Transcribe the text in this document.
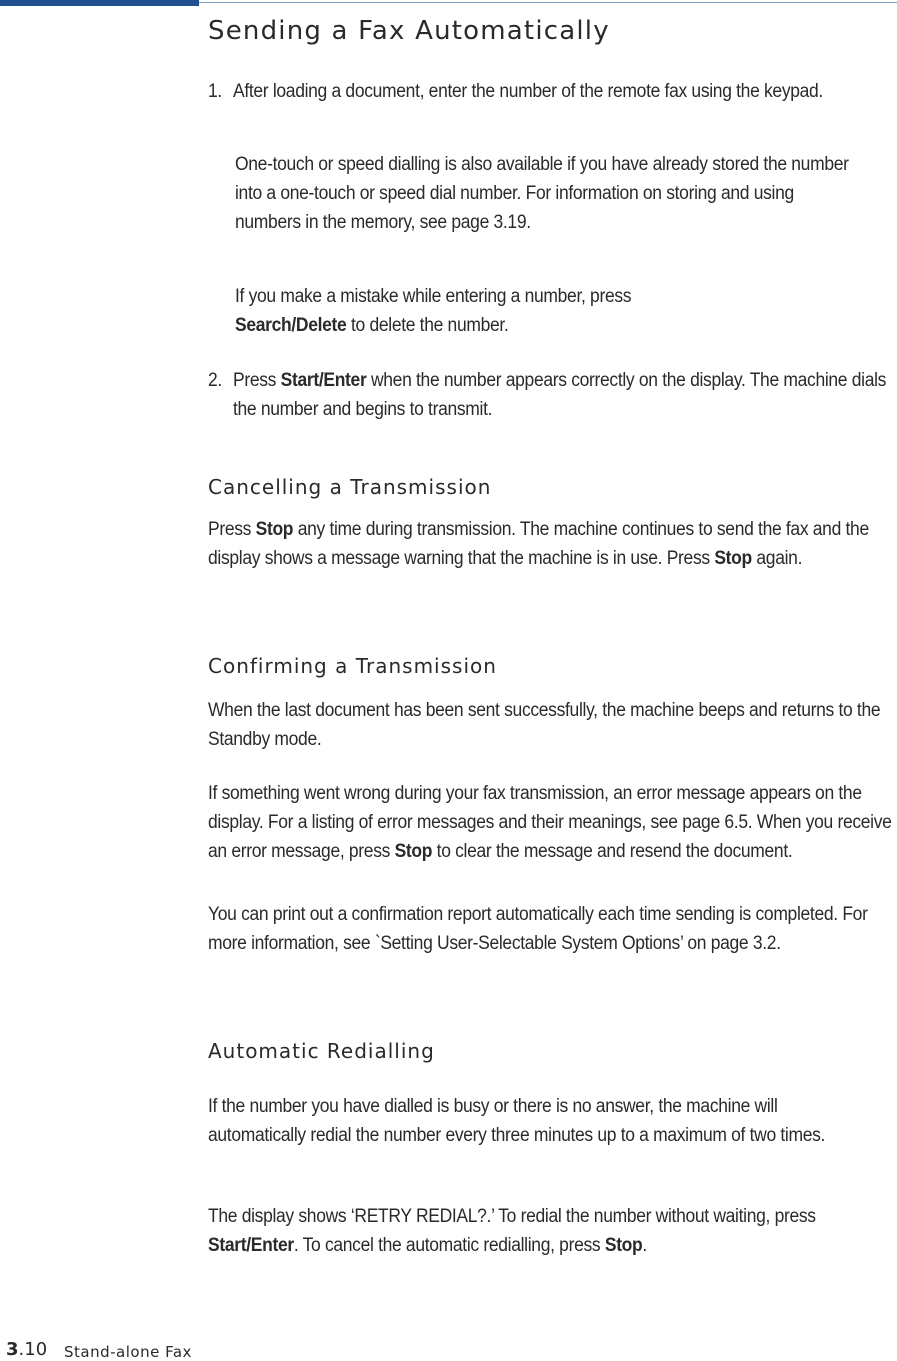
Sending a Fax Automatically
1. After loading a document, enter the number of the remote fax using the keypad.

One-touch or speed dialling is also available if you have already stored the number into a one-touch or speed dial number. For information on storing and using numbers in the memory, see page 3.19.

If you make a mistake while entering a number, press
Search/Delete to delete the number.

2. Press Start/Enter when the number appears correctly on the display. The machine dials the number and begins to transmit.

Cancelling a Transmission

Press Stop any time during transmission. The machine continues to send the fax and the display shows a message warning that the machine is in use. Press Stop again.

Confirming a Transmission

When the last document has been sent successfully, the machine beeps and returns to the Standby mode.

If something went wrong during your fax transmission, an error message appears on the display. For a listing of error messages and their meanings, see page 6.5. When you receive an error message, press Stop to clear the message and resend the document.

You can print out a confirmation report automatically each time sending is completed. For more information, see `Setting User-Selectable System Options’ on page 3.2.

Automatic Redialling

If the number you have dialled is busy or there is no answer, the machine will automatically redial the number every three minutes up to a maximum of two times.

The display shows ‘RETRY REDIAL?.’ To redial the number without waiting, press Start/Enter. To cancel the automatic redialling, press Stop.

3.10 Stand-alone Fax
